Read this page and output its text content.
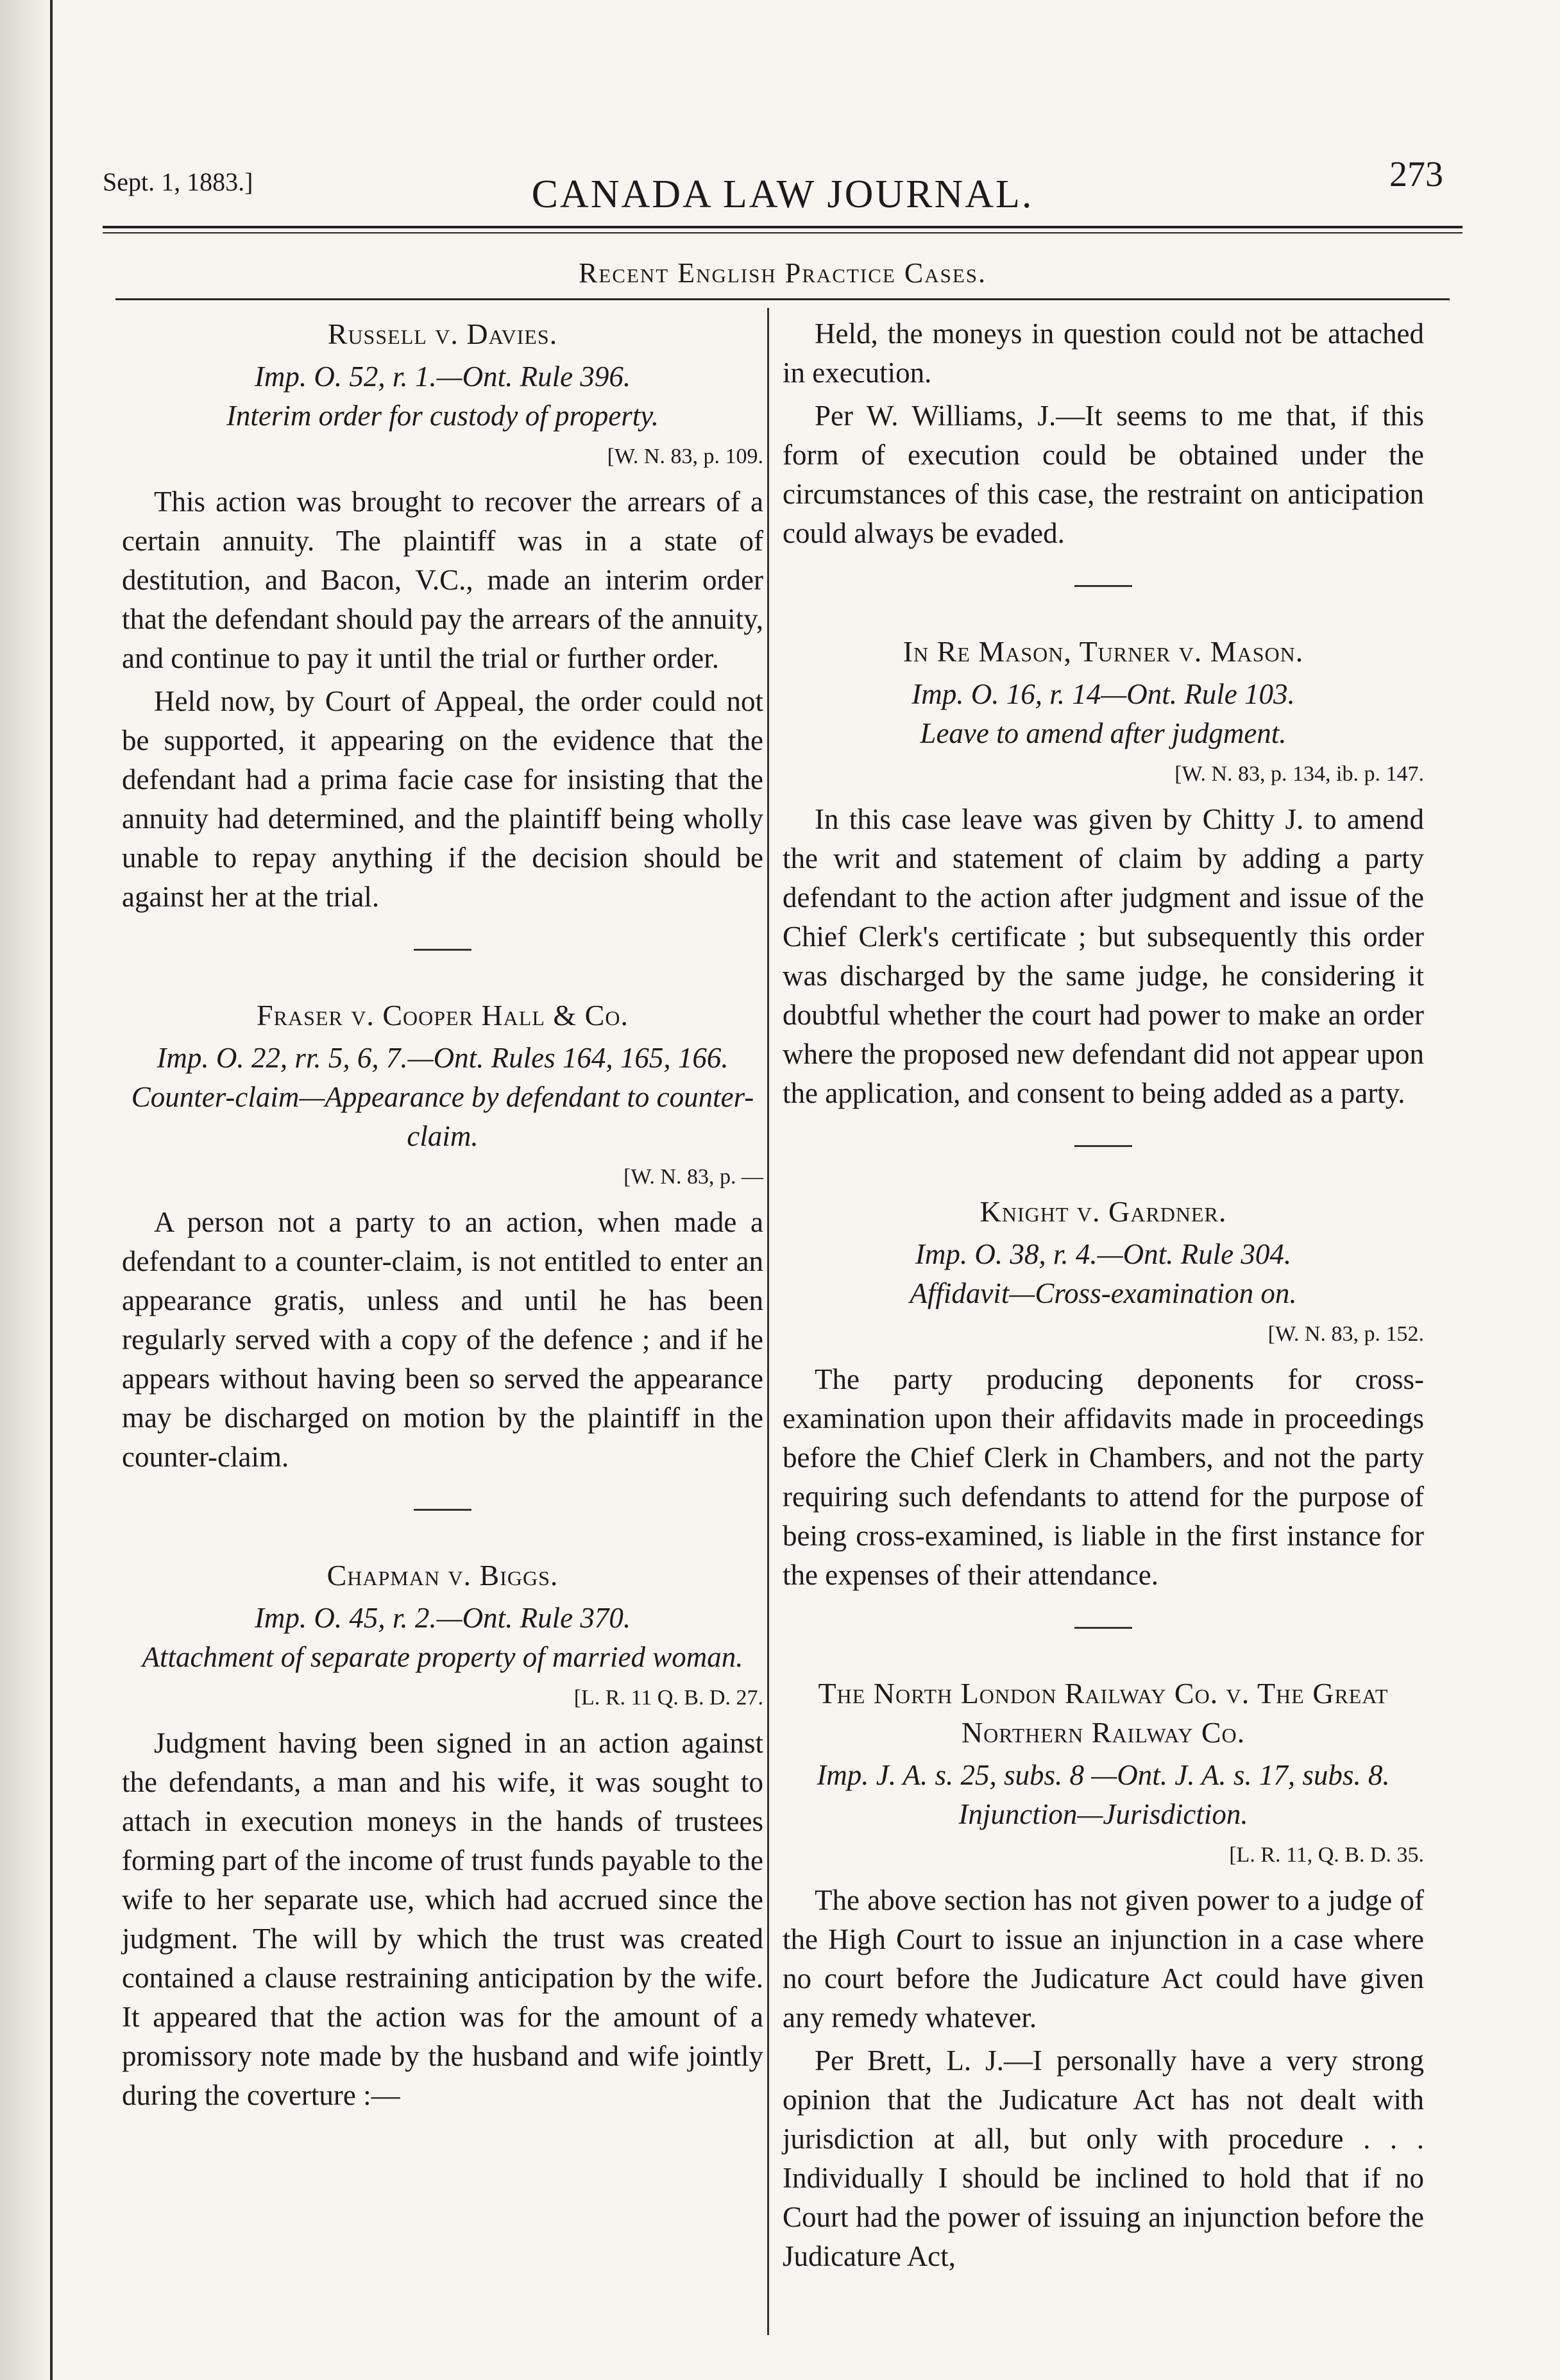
Sept. 1, 1883.]	CANADA LAW JOURNAL.	273
Recent English Practice Cases.

Russell v. Davies.

Imp. O. 52, r. 1.—Ont. Rule 396.

Interim order for custody of property.

[W. N. 83, p. 109.

This action was brought to recover the arrears of a certain annuity. The plaintiff was in a state of destitution, and Bacon, V.C., made an interim order that the defendant should pay the arrears of the annuity, and continue to pay it until the trial or further order.

Held now, by Court of Appeal, the order could not be supported, it appearing on the evidence that the defendant had a prima facie case for insisting that the annuity had determined, and the plaintiff being wholly unable to repay anything if the decision should be against her at the trial.

Fraser v. Cooper Hall & Co.

Imp. O. 22, rr. 5, 6, 7.—Ont. Rules 164, 165, 166.

Counter-claim—Appearance by defendant to counter-claim.

[W. N. 83, p. —

A person not a party to an action, when made a defendant to a counter-claim, is not entitled to enter an appearance gratis, unless and until he has been regularly served with a copy of the defence ; and if he appears without having been so served the appearance may be discharged on motion by the plaintiff in the counter-claim.

Chapman v. Biggs.

Imp. O. 45, r. 2.—Ont. Rule 370.

Attachment of separate property of married woman.

[L. R. 11 Q. B. D. 27.

Judgment having been signed in an action against the defendants, a man and his wife, it was sought to attach in execution moneys in the hands of trustees forming part of the income of trust funds payable to the wife to her separate use, which had accrued since the judgment. The will by which the trust was created contained a clause restraining anticipation by the wife. It appeared that the action was for the amount of a promissory note made by the husband and wife jointly during the coverture :—

Held, the moneys in question could not be attached in execution.

Per W. Williams, J.—It seems to me that, if this form of execution could be obtained under the circumstances of this case, the restraint on anticipation could always be evaded.

In Re Mason, Turner v. Mason.

Imp. O. 16, r. 14—Ont. Rule 103.

Leave to amend after judgment.

[W. N. 83, p. 134, ib. p. 147.

In this case leave was given by Chitty J. to amend the writ and statement of claim by adding a party defendant to the action after judgment and issue of the Chief Clerk's certificate ; but subsequently this order was discharged by the same judge, he considering it doubtful whether the court had power to make an order where the proposed new defendant did not appear upon the application, and consent to being added as a party.

Knight v. Gardner.

Imp. O. 38, r. 4.—Ont. Rule 304.

Affidavit—Cross-examination on.

[W. N. 83, p. 152.

The party producing deponents for cross-examination upon their affidavits made in proceedings before the Chief Clerk in Chambers, and not the party requiring such defendants to attend for the purpose of being cross-examined, is liable in the first instance for the expenses of their attendance.

The North London Railway Co. v. The Great Northern Railway Co.

Imp. J. A. s. 25, subs. 8 —Ont. J. A. s. 17, subs. 8.

Injunction—Jurisdiction.

[L. R. 11, Q. B. D. 35.

The above section has not given power to a judge of the High Court to issue an injunction in a case where no court before the Judicature Act could have given any remedy whatever.

Per Brett, L. J.—I personally have a very strong opinion that the Judicature Act has not dealt with jurisdiction at all, but only with procedure . . . Individually I should be inclined to hold that if no Court had the power of issuing an injunction before the Judicature Act,
